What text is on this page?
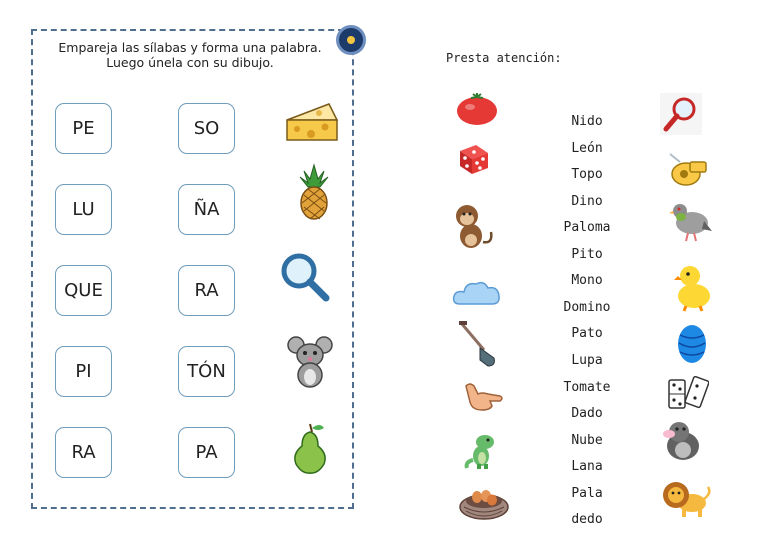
Empareja las sílabas y forma una palabra.
Luego únela con su dibujo.
PE
LU
QUE
PI
RA
SO
ÑA
RA
TÓN
PA
Presta atención:
Nido
León
Topo
Dino
Paloma
Pito
Mono
Domino
Pato
Lupa
Tomate
Dado
Nube
Lana
Pala
dedo
